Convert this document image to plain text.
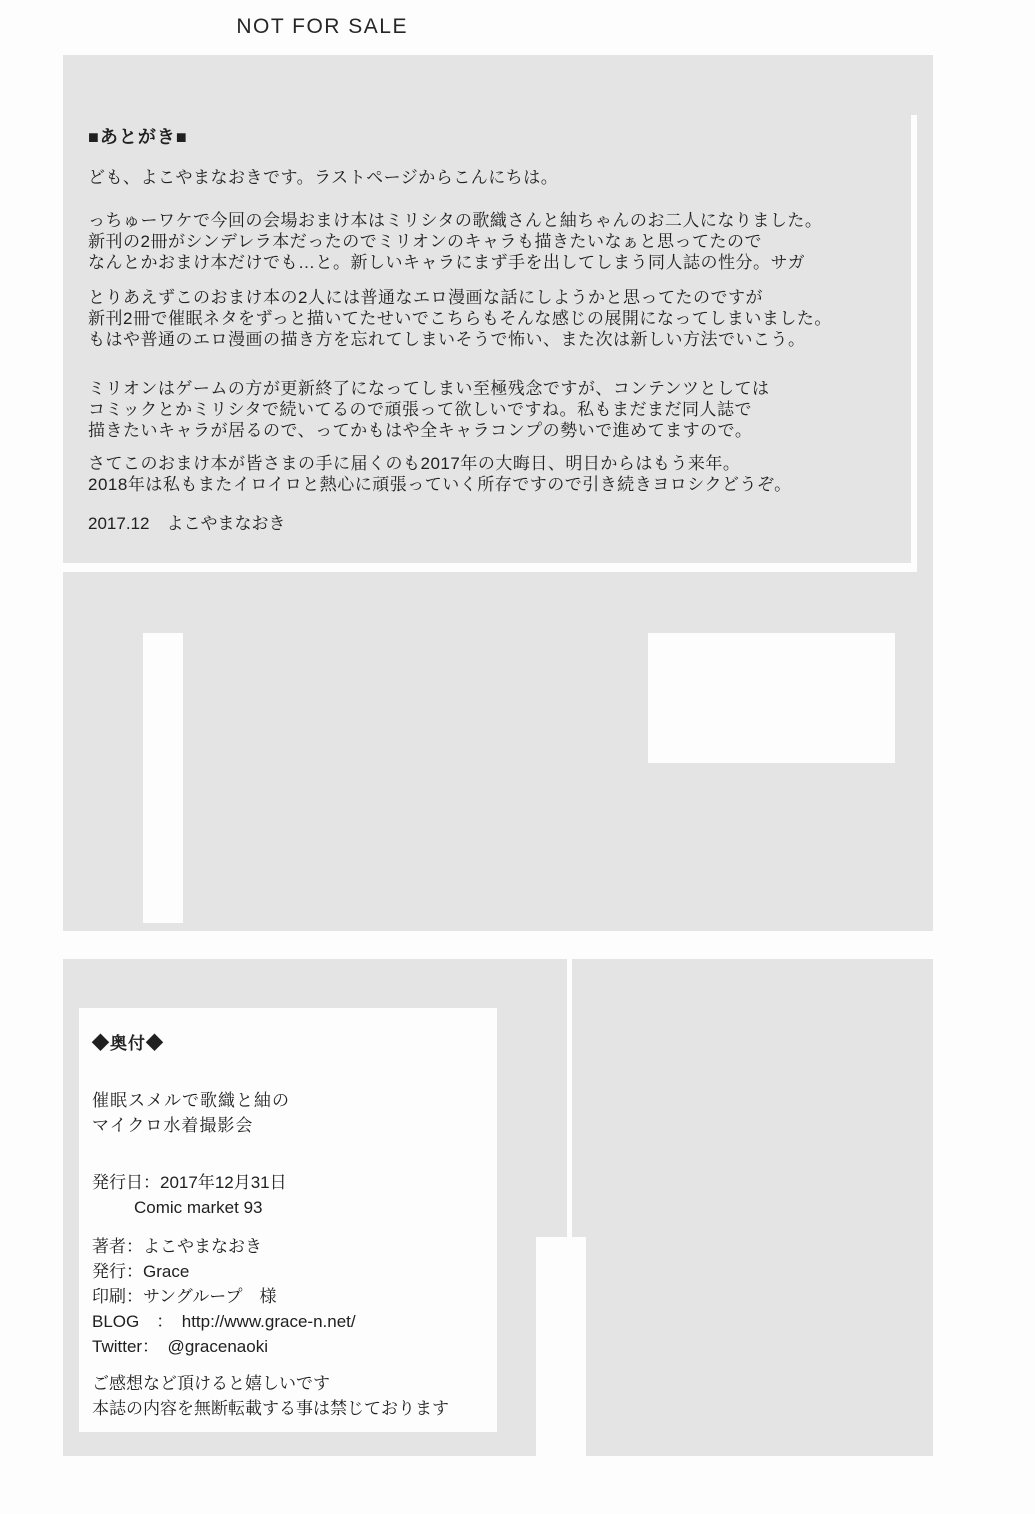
■あとがき■
ども、よこやまなおきです。ラストページからこんにちは。
っちゅーワケで今回の会場おまけ本はミリシタの歌織さんと紬ちゃんのお二人になりました。
新刊の2冊がシンデレラ本だったのでミリオンのキャラも描きたいなぁと思ってたので
なんとかおまけ本だけでも…と。新しいキャラにまず手を出してしまう同人誌の性分。サガ
とりあえずこのおまけ本の2人には普通なエロ漫画な話にしようかと思ってたのですが
新刊2冊で催眠ネタをずっと描いてたせいでこちらもそんな感じの展開になってしまいました。
もはや普通のエロ漫画の描き方を忘れてしまいそうで怖い、また次は新しい方法でいこう。
ミリオンはゲームの方が更新終了になってしまい至極残念ですが、コンテンツとしては
コミックとかミリシタで続いてるので頑張って欲しいですね。私もまだまだ同人誌で
描きたいキャラが居るので、ってかもはや全キャラコンプの勢いで進めてますので。
さてこのおまけ本が皆さまの手に届くのも2017年の大晦日、明日からはもう来年。
2018年は私もまたイロイロと熱心に頑張っていく所存ですので引き続きヨロシクどうぞ。
2017.12　よこやまなおき
NOT FOR SALE
◆奥付◆
催眠スメルで歌織と紬の
マイクロ水着撮影会
発行日：2017年12月31日
Comic market 93
著者：よこやまなおき
発行：Grace
印刷：サングループ　様
BLOG　：　http://www.grace-n.net/
Twitter：　@gracenaoki
ご感想など頂けると嬉しいです
本誌の内容を無断転載する事は禁じております
